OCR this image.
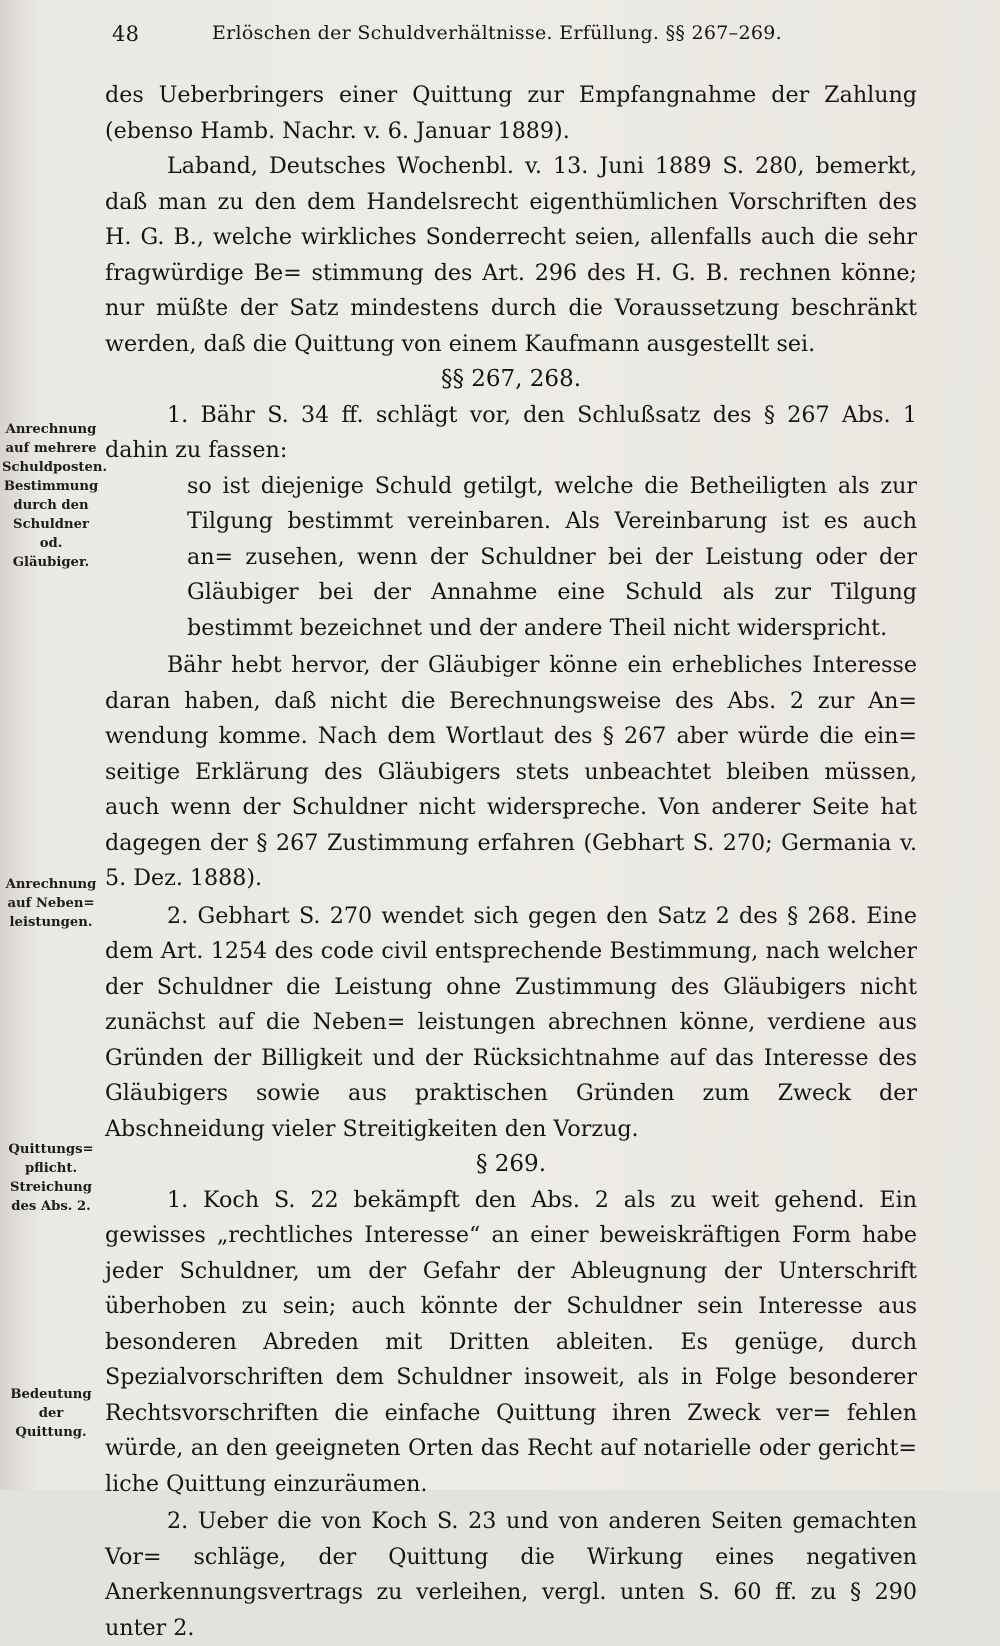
48	Erlöschen der Schuldverhältnisse. Erfüllung. §§ 267–269.
Anrechnung
auf mehrere
Schuldposten.
Bestimmung
durch den
Schuldner od.
Gläubiger.
Anrechnung
auf Neben=
leistungen.
Quittungs=
pflicht.
Streichung
des Abs. 2.
Bedeutung
der Quittung.

des Ueberbringers einer Quittung zur Empfangnahme der Zahlung (ebenso Hamb. Nachr. v. 6. Januar 1889).

Laband, Deutsches Wochenbl. v. 13. Juni 1889 S. 280, bemerkt, daß man zu den dem Handelsrecht eigenthümlichen Vorschriften des H. G. B., welche wirkliches Sonderrecht seien, allenfalls auch die sehr fragwürdige Be= stimmung des Art. 296 des H. G. B. rechnen könne; nur müßte der Satz mindestens durch die Voraussetzung beschränkt werden, daß die Quittung von einem Kaufmann ausgestellt sei.

§§ 267, 268.

1. Bähr S. 34 ff. schlägt vor, den Schlußsatz des § 267 Abs. 1 dahin zu fassen:

so ist diejenige Schuld getilgt, welche die Betheiligten als zur Tilgung bestimmt vereinbaren. Als Vereinbarung ist es auch an= zusehen, wenn der Schuldner bei der Leistung oder der Gläubiger bei der Annahme eine Schuld als zur Tilgung bestimmt bezeichnet und der andere Theil nicht widerspricht.

Bähr hebt hervor, der Gläubiger könne ein erhebliches Interesse daran haben, daß nicht die Berechnungsweise des Abs. 2 zur An= wendung komme. Nach dem Wortlaut des § 267 aber würde die ein= seitige Erklärung des Gläubigers stets unbeachtet bleiben müssen, auch wenn der Schuldner nicht widerspreche. Von anderer Seite hat dagegen der § 267 Zustimmung erfahren (Gebhart S. 270; Germania v. 5. Dez. 1888).

2. Gebhart S. 270 wendet sich gegen den Satz 2 des § 268. Eine dem Art. 1254 des code civil entsprechende Bestimmung, nach welcher der Schuldner die Leistung ohne Zustimmung des Gläubigers nicht zunächst auf die Neben= leistungen abrechnen könne, verdiene aus Gründen der Billigkeit und der Rücksichtnahme auf das Interesse des Gläubigers sowie aus praktischen Gründen zum Zweck der Abschneidung vieler Streitigkeiten den Vorzug.

§ 269.

1. Koch S. 22 bekämpft den Abs. 2 als zu weit gehend. Ein gewisses „rechtliches Interesse“ an einer beweiskräftigen Form habe jeder Schuldner, um der Gefahr der Ableugnung der Unterschrift überhoben zu sein; auch könnte der Schuldner sein Interesse aus besonderen Abreden mit Dritten ableiten. Es genüge, durch Spezialvorschriften dem Schuldner insoweit, als in Folge besonderer Rechtsvorschriften die einfache Quittung ihren Zweck ver= fehlen würde, an den geeigneten Orten das Recht auf notarielle oder gericht= liche Quittung einzuräumen.

2. Ueber die von Koch S. 23 und von anderen Seiten gemachten Vor= schläge, der Quittung die Wirkung eines negativen Anerkennungsvertrags zu verleihen, vergl. unten S. 60 ff. zu § 290 unter 2.
